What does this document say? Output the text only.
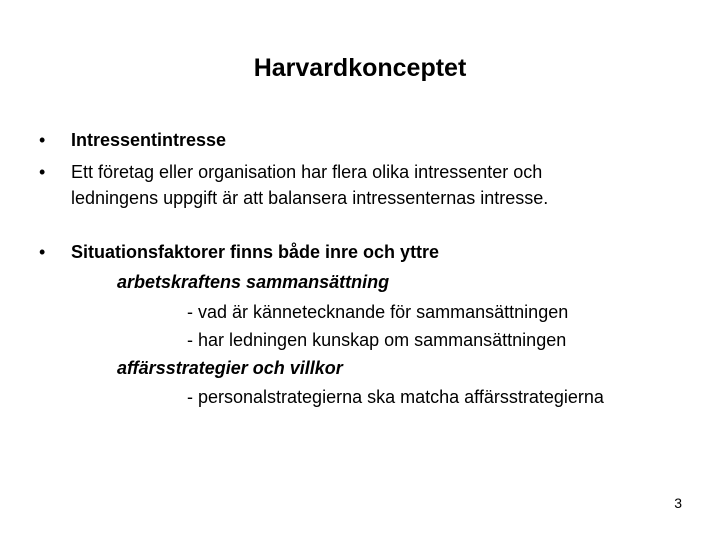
Harvardkonceptet
• Intressentintresse
• Ett företag eller organisation har flera olika intressenter och
ledningens uppgift är att balansera intressenternas intresse.
• Situationsfaktorer finns både inre och yttre
arbetskraftens sammansättning
- vad är kännetecknande för sammansättningen
- har ledningen kunskap om sammansättningen
affärsstrategier och villkor
- personalstrategierna ska matcha affärsstrategierna
3
